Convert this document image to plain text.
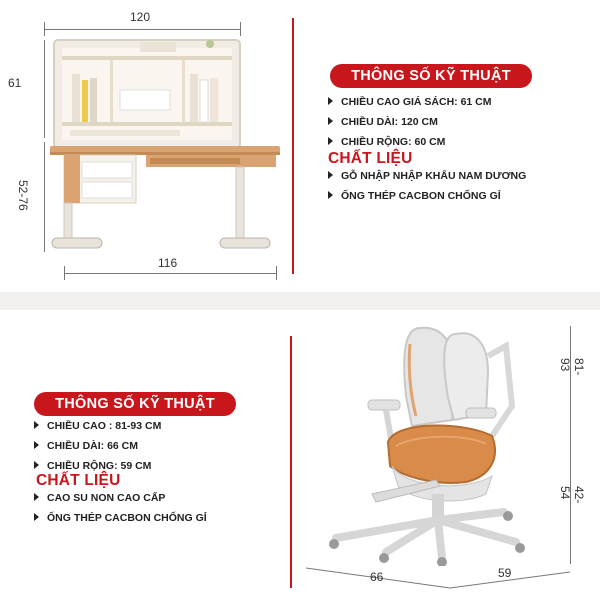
120
61
52-76
116
THÔNG SỐ KỸ THUẬT
CHIỀU CAO GIÁ SÁCH: 61 CM
CHIỀU DÀI: 120 CM
CHIỀU RỘNG: 60 CM
CHẤT LIỆU
GỖ NHẬP NHẬP KHẨU NAM DƯƠNG
ỐNG THÉP CACBON CHỐNG GỈ
THÔNG SỐ KỸ THUẬT
CHIỀU CAO : 81-93 CM
CHIỀU DÀI: 66 CM
CHIỀU RỘNG: 59 CM
CHẤT LIỆU
CAO SU NON CAO CẤP
ỐNG THÉP CACBON CHỐNG GỈ
81-93
42-54
66	59
